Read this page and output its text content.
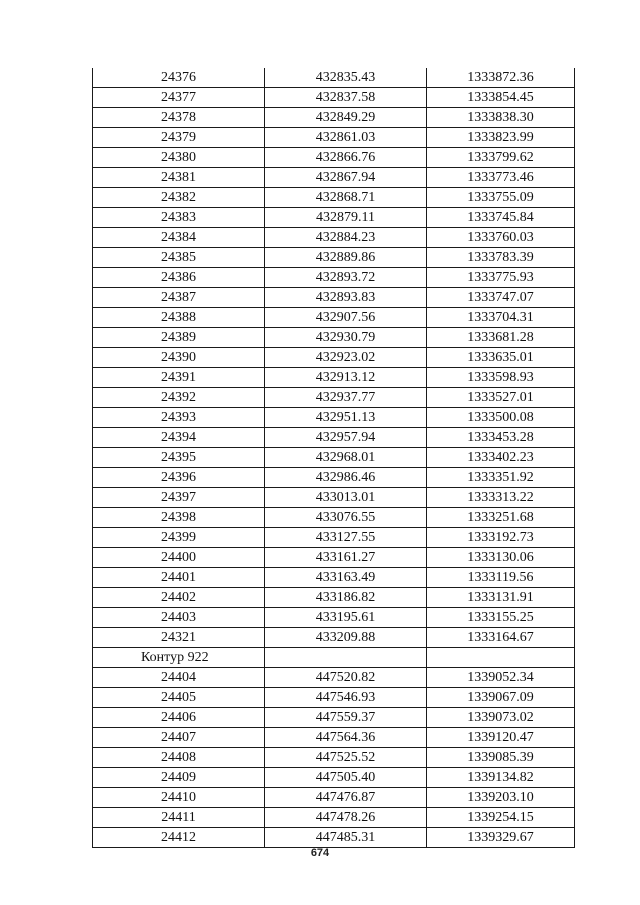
24376	432835.43	1333872.36
24377	432837.58	1333854.45
24378	432849.29	1333838.30
24379	432861.03	1333823.99
24380	432866.76	1333799.62
24381	432867.94	1333773.46
24382	432868.71	1333755.09
24383	432879.11	1333745.84
24384	432884.23	1333760.03
24385	432889.86	1333783.39
24386	432893.72	1333775.93
24387	432893.83	1333747.07
24388	432907.56	1333704.31
24389	432930.79	1333681.28
24390	432923.02	1333635.01
24391	432913.12	1333598.93
24392	432937.77	1333527.01
24393	432951.13	1333500.08
24394	432957.94	1333453.28
24395	432968.01	1333402.23
24396	432986.46	1333351.92
24397	433013.01	1333313.22
24398	433076.55	1333251.68
24399	433127.55	1333192.73
24400	433161.27	1333130.06
24401	433163.49	1333119.56
24402	433186.82	1333131.91
24403	433195.61	1333155.25
24321	433209.88	1333164.67
Контур 922		
24404	447520.82	1339052.34
24405	447546.93	1339067.09
24406	447559.37	1339073.02
24407	447564.36	1339120.47
24408	447525.52	1339085.39
24409	447505.40	1339134.82
24410	447476.87	1339203.10
24411	447478.26	1339254.15
24412	447485.31	1339329.67
674
